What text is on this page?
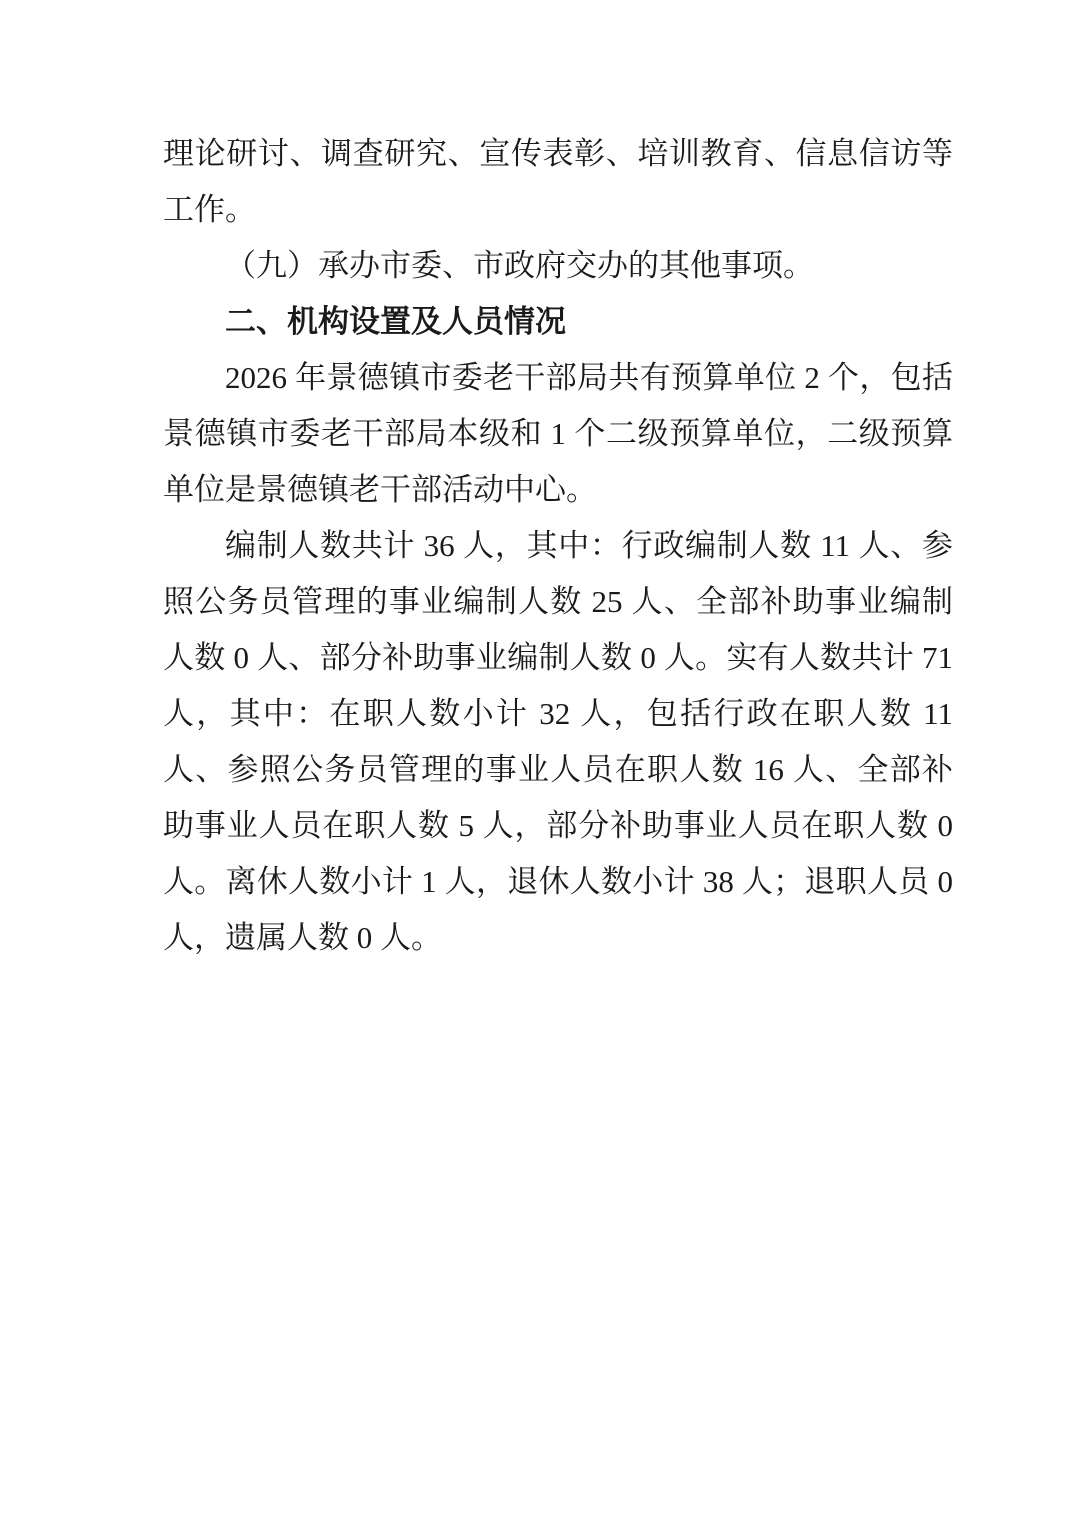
理论研讨、调查研究、宣传表彰、培训教育、信息信访等工作。

（九）承办市委、市政府交办的其他事项。

二、机构设置及人员情况

2026 年景德镇市委老干部局共有预算单位 2 个，包括景德镇市委老干部局本级和 1 个二级预算单位，二级预算单位是景德镇老干部活动中心。

编制人数共计 36 人，其中：行政编制人数 11 人、参照公务员管理的事业编制人数 25 人、全部补助事业编制人数 0 人、部分补助事业编制人数 0 人。实有人数共计 71 人，其中：在职人数小计 32 人，包括行政在职人数 11 人、参照公务员管理的事业人员在职人数 16 人、全部补助事业人员在职人数 5 人，部分补助事业人员在职人数 0 人。离休人数小计 1 人，退休人数小计 38 人；退职人员 0 人，遗属人数 0 人。
